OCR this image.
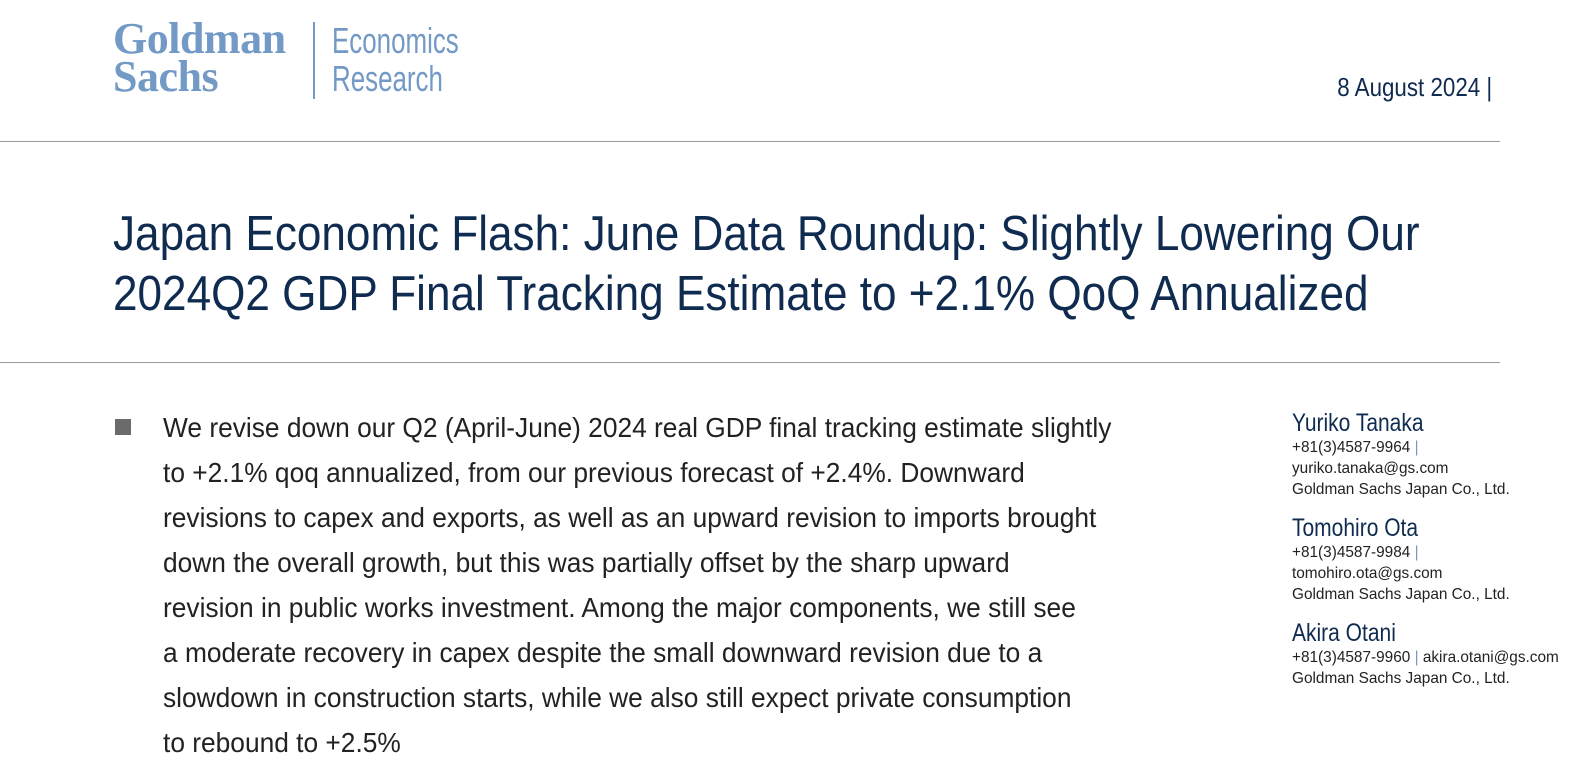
Goldman
Sachs
Economics
Research	8 August 2024 |
Japan Economic Flash: June Data Roundup: Slightly Lowering Our
2024Q2 GDP Final Tracking Estimate to +2.1% QoQ Annualized

We revise down our Q2 (April-June) 2024 real GDP final tracking estimate slightly
to +2.1% qoq annualized, from our previous forecast of +2.4%. Downward
revisions to capex and exports, as well as an upward revision to imports brought
down the overall growth, but this was partially offset by the sharp upward
revision in public works investment. Among the major components, we still see
a moderate recovery in capex despite the small downward revision due to a
slowdown in construction starts, while we also still expect private consumption
to rebound to +2.5%

Yuriko Tanaka
+81(3)4587-9964 |
yuriko.tanaka@gs.com
Goldman Sachs Japan Co., Ltd.
Tomohiro Ota
+81(3)4587-9984 |
tomohiro.ota@gs.com
Goldman Sachs Japan Co., Ltd.
Akira Otani
+81(3)4587-9960 | akira.otani@gs.com
Goldman Sachs Japan Co., Ltd.
